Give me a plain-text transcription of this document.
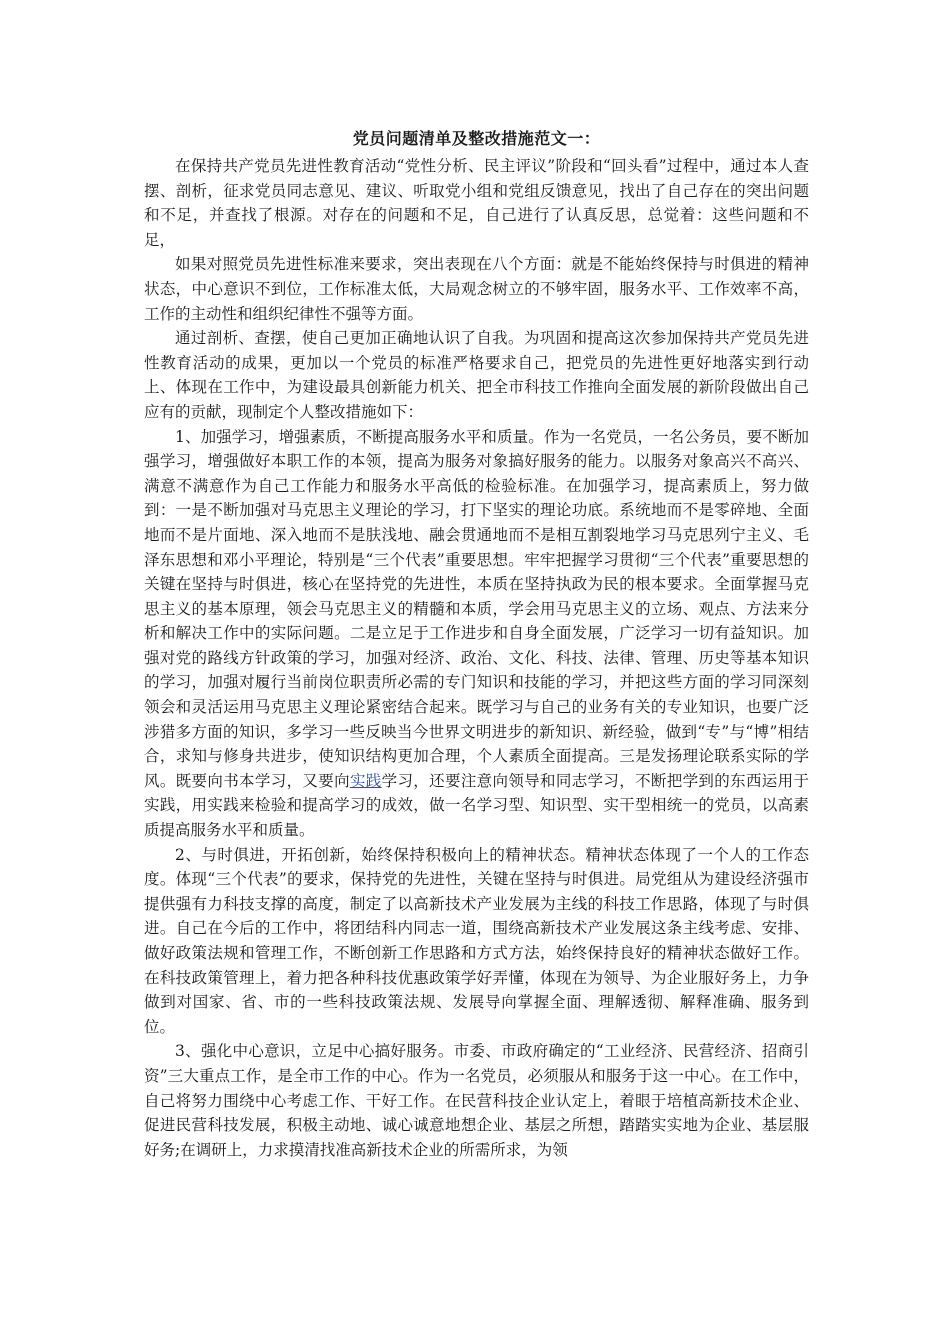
党员问题清单及整改措施范文一：

在保持共产党员先进性教育活动“党性分析、民主评议”阶段和“回头看”过程中，通过本人查摆、剖析，征求党员同志意见、建议、听取党小组和党组反馈意见，找出了自己存在的突出问题和不足，并查找了根源。对存在的问题和不足，自己进行了认真反思，总觉着：这些问题和不足，

如果对照党员先进性标准来要求，突出表现在八个方面：就是不能始终保持与时俱进的精神状态，中心意识不到位，工作标准太低，大局观念树立的不够牢固，服务水平、工作效率不高，工作的主动性和组织纪律性不强等方面。

通过剖析、查摆，使自己更加正确地认识了自我。为巩固和提高这次参加保持共产党员先进性教育活动的成果，更加以一个党员的标准严格要求自己，把党员的先进性更好地落实到行动上、体现在工作中，为建设最具创新能力机关、把全市科技工作推向全面发展的新阶段做出自己应有的贡献，现制定个人整改措施如下：

1、加强学习，增强素质，不断提高服务水平和质量。作为一名党员，一名公务员，要不断加强学习，增强做好本职工作的本领，提高为服务对象搞好服务的能力。以服务对象高兴不高兴、满意不满意作为自己工作能力和服务水平高低的检验标准。在加强学习，提高素质上，努力做到：一是不断加强对马克思主义理论的学习，打下坚实的理论功底。系统地而不是零碎地、全面地而不是片面地、深入地而不是肤浅地、融会贯通地而不是相互割裂地学习马克思列宁主义、毛泽东思想和邓小平理论，特别是“三个代表”重要思想。牢牢把握学习贯彻“三个代表”重要思想的关键在坚持与时俱进，核心在坚持党的先进性，本质在坚持执政为民的根本要求。全面掌握马克思主义的基本原理，领会马克思主义的精髓和本质，学会用马克思主义的立场、观点、方法来分析和解决工作中的实际问题。二是立足于工作进步和自身全面发展，广泛学习一切有益知识。加强对党的路线方针政策的学习，加强对经济、政治、文化、科技、法律、管理、历史等基本知识的学习，加强对履行当前岗位职责所必需的专门知识和技能的学习，并把这些方面的学习同深刻领会和灵活运用马克思主义理论紧密结合起来。既学习与自己的业务有关的专业知识，也要广泛涉猎多方面的知识，多学习一些反映当今世界文明进步的新知识、新经验，做到“专”与“博”相结合，求知与修身共进步，使知识结构更加合理，个人素质全面提高。三是发扬理论联系实际的学风。既要向书本学习，又要向实践学习，还要注意向领导和同志学习，不断把学到的东西运用于实践，用实践来检验和提高学习的成效，做一名学习型、知识型、实干型相统一的党员，以高素质提高服务水平和质量。

2、与时俱进，开拓创新，始终保持积极向上的精神状态。精神状态体现了一个人的工作态度。体现“三个代表”的要求，保持党的先进性，关键在坚持与时俱进。局党组从为建设经济强市提供强有力科技支撑的高度，制定了以高新技术产业发展为主线的科技工作思路，体现了与时俱进。自己在今后的工作中，将团结科内同志一道，围绕高新技术产业发展这条主线考虑、安排、做好政策法规和管理工作，不断创新工作思路和方式方法，始终保持良好的精神状态做好工作。在科技政策管理上，着力把各种科技优惠政策学好弄懂，体现在为领导、为企业服好务上，力争做到对国家、省、市的一些科技政策法规、发展导向掌握全面、理解透彻、解释准确、服务到位。

3、强化中心意识，立足中心搞好服务。市委、市政府确定的“工业经济、民营经济、招商引资”三大重点工作，是全市工作的中心。作为一名党员，必须服从和服务于这一中心。在工作中，自己将努力围绕中心考虑工作、干好工作。在民营科技企业认定上，着眼于培植高新技术企业、促进民营科技发展，积极主动地、诚心诚意地想企业、基层之所想，踏踏实实地为企业、基层服好务;在调研上，力求摸清找准高新技术企业的所需所求，为领
